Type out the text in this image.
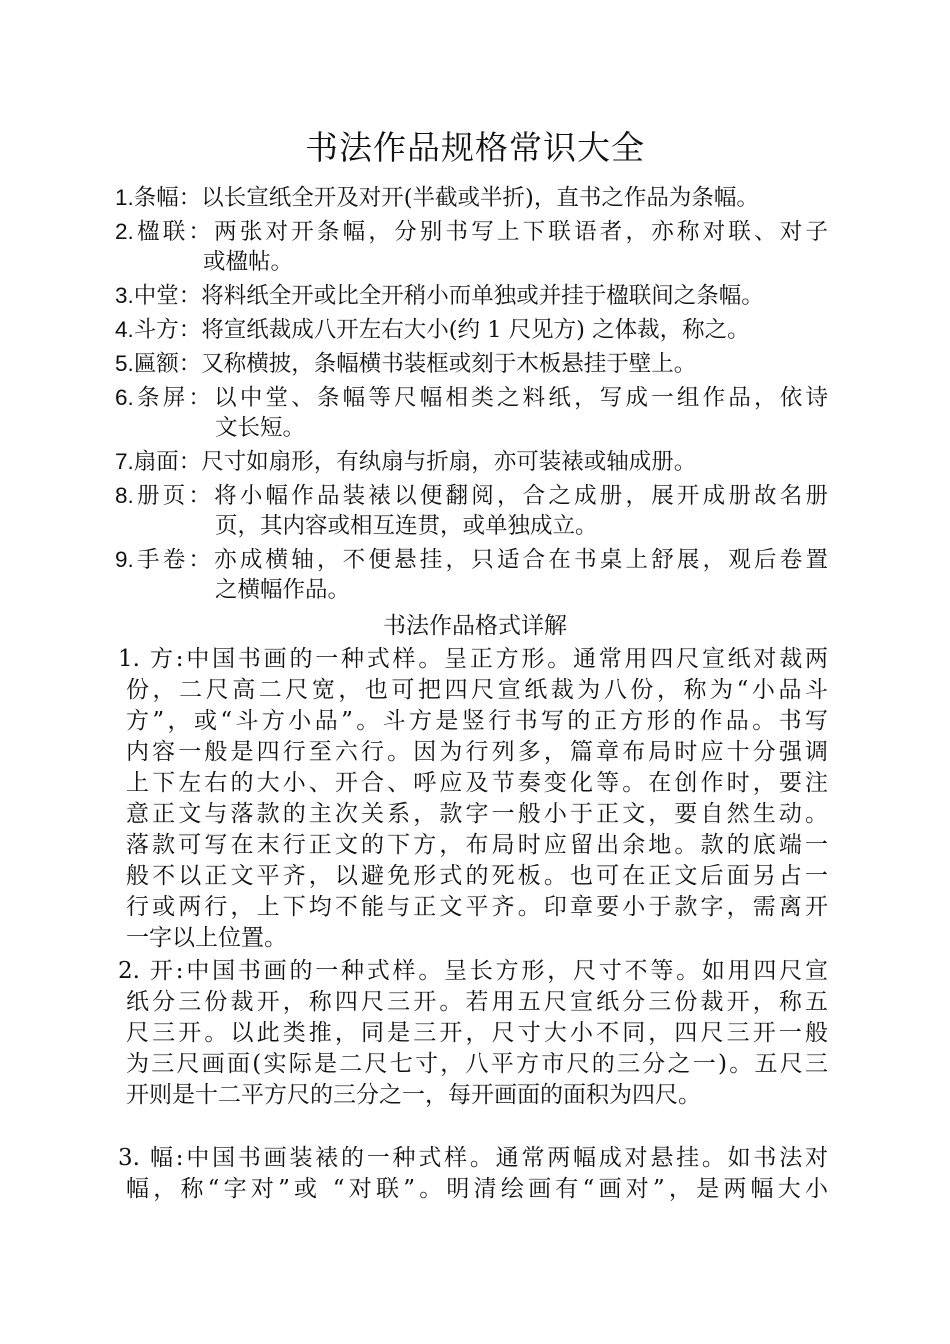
书法作品规格常识大全
1.条幅：以长宣纸全开及对开(半截或半折)，直书之作品为条幅。
2.楹联：两张对开条幅，分别书写上下联语者，亦称对联、对子
或楹帖。
3.中堂：将料纸全开或比全开稍小而单独或并挂于楹联间之条幅。
4.斗方：将宣纸裁成八开左右大小(约 1 尺见方) 之体裁，称之。
5.匾额：又称横披，条幅横书装框或刻于木板悬挂于壁上。
6.条屏：以中堂、条幅等尺幅相类之料纸，写成一组作品，依诗
文长短。
7.扇面：尺寸如扇形，有纨扇与折扇，亦可装裱或轴成册。
8.册页：将小幅作品装裱以便翻阅，合之成册，展开成册故名册
页，其内容或相互连贯，或单独成立。
9.手卷：亦成横轴，不便悬挂，只适合在书桌上舒展，观后卷置
之横幅作品。
书法作品格式详解
1. 方:中国书画的一种式样。呈正方形。通常用四尺宣纸对裁两
份，二尺高二尺宽，也可把四尺宣纸裁为八份，称为“小品斗
方”，或“斗方小品”。斗方是竖行书写的正方形的作品。书写
内容一般是四行至六行。因为行列多，篇章布局时应十分强调
上下左右的大小、开合、呼应及节奏变化等。在创作时，要注
意正文与落款的主次关系，款字一般小于正文，要自然生动。
落款可写在末行正文的下方，布局时应留出余地。款的底端一
般不以正文平齐，以避免形式的死板。也可在正文后面另占一
行或两行，上下均不能与正文平齐。印章要小于款字，需离开
一字以上位置。
2. 开:中国书画的一种式样。呈长方形，尺寸不等。如用四尺宣
纸分三份裁开，称四尺三开。若用五尺宣纸分三份裁开，称五
尺三开。以此类推，同是三开，尺寸大小不同，四尺三开一般
为三尺画面(实际是二尺七寸，八平方市尺的三分之一)。五尺三
开则是十二平方尺的三分之一，每开画面的面积为四尺。
3. 幅:中国书画装裱的一种式样。通常两幅成对悬挂。如书法对
幅，称“字对”或 “对联”。明清绘画有“画对”，是两幅大小
